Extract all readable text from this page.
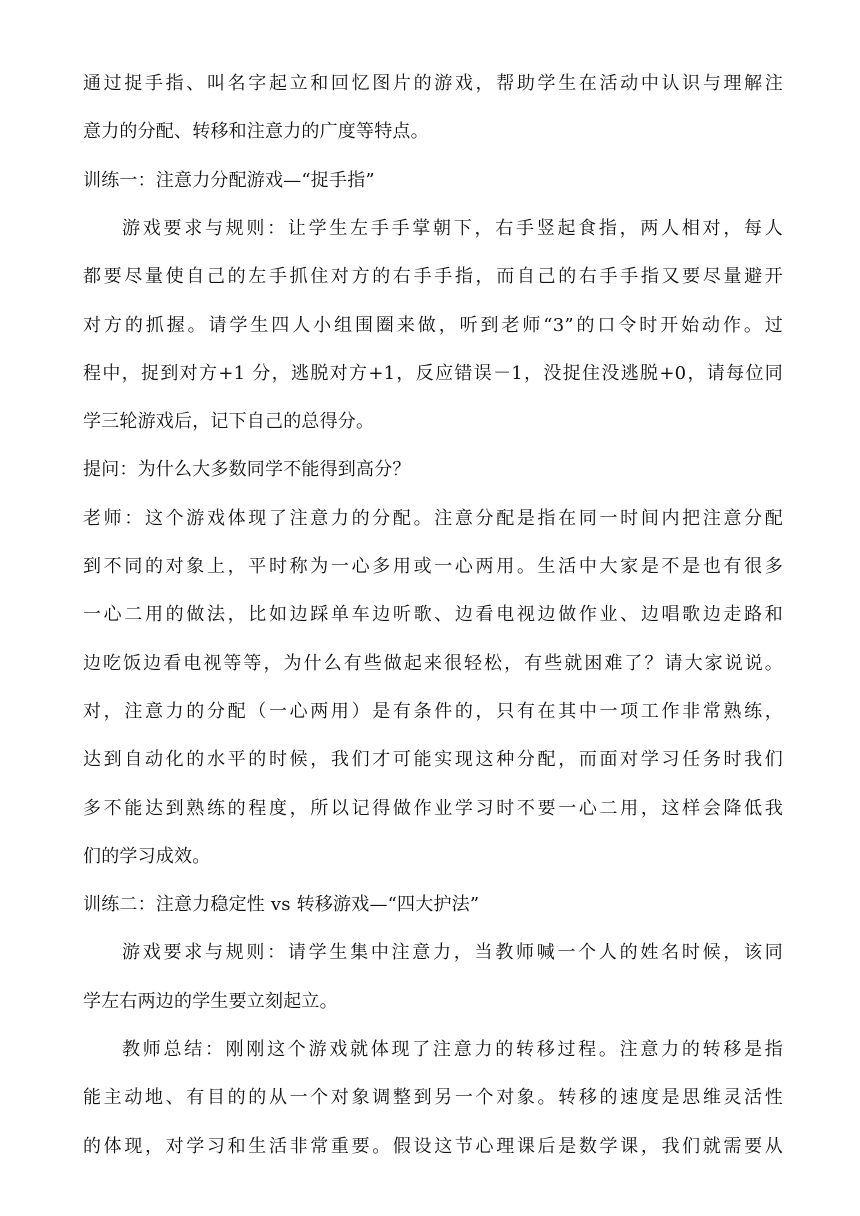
通过捉手指、叫名字起立和回忆图片的游戏，帮助学生在活动中认识与理解注
意力的分配、转移和注意力的广度等特点。
训练一：注意力分配游戏—“捉手指”
游戏要求与规则：让学生左手手掌朝下，右手竖起食指，两人相对，每人
都要尽量使自己的左手抓住对方的右手手指，而自己的右手手指又要尽量避开
对方的抓握。请学生四人小组围圈来做，听到老师“3”的口令时开始动作。过
程中，捉到对方+1 分，逃脱对方+1，反应错误－1，没捉住没逃脱+0，请每位同
学三轮游戏后，记下自己的总得分。
提问：为什么大多数同学不能得到高分？
老师：这个游戏体现了注意力的分配。注意分配是指在同一时间内把注意分配
到不同的对象上，平时称为一心多用或一心两用。生活中大家是不是也有很多
一心二用的做法，比如边踩单车边听歌、边看电视边做作业、边唱歌边走路和
边吃饭边看电视等等，为什么有些做起来很轻松，有些就困难了？请大家说说。
对，注意力的分配（一心两用）是有条件的，只有在其中一项工作非常熟练，
达到自动化的水平的时候，我们才可能实现这种分配，而面对学习任务时我们
多不能达到熟练的程度，所以记得做作业学习时不要一心二用，这样会降低我
们的学习成效。
训练二：注意力稳定性 vs 转移游戏—“四大护法”
游戏要求与规则：请学生集中注意力，当教师喊一个人的姓名时候，该同
学左右两边的学生要立刻起立。
教师总结：刚刚这个游戏就体现了注意力的转移过程。注意力的转移是指
能主动地、有目的的从一个对象调整到另一个对象。转移的速度是思维灵活性
的体现，对学习和生活非常重要。假设这节心理课后是数学课，我们就需要从
